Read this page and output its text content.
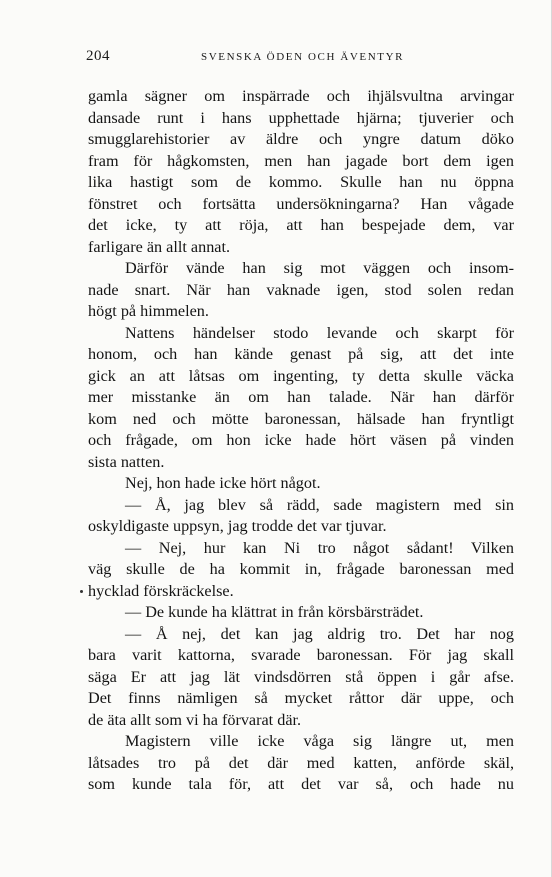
204	SVENSKA ÖDEN OCH ÄVENTYR
gamla sägner om inspärrade och ihjälsvultna arvingar
dansade runt i hans upphettade hjärna; tjuverier och
smugglarehistorier av äldre och yngre datum döko
fram för hågkomsten, men han jagade bort dem igen
lika hastigt som de kommo. Skulle han nu öppna
fönstret och fortsätta undersökningarna? Han vågade
det icke, ty att röja, att han bespejade dem, var
farligare än allt annat.
Därför vände han sig mot väggen och insom-
nade snart. När han vaknade igen, stod solen redan
högt på himmelen.
Nattens händelser stodo levande och skarpt för
honom, och han kände genast på sig, att det inte
gick an att låtsas om ingenting, ty detta skulle väcka
mer misstanke än om han talade. När han därför
kom ned och mötte baronessan, hälsade han fryntligt
och frågade, om hon icke hade hört väsen på vinden
sista natten.
Nej, hon hade icke hört något.
— Å, jag blev så rädd, sade magistern med sin
oskyldigaste uppsyn, jag trodde det var tjuvar.
— Nej, hur kan Ni tro något sådant! Vilken
väg skulle de ha kommit in, frågade baronessan med
hycklad förskräckelse.
— De kunde ha klättrat in från körsbärsträdet.
— Å nej, det kan jag aldrig tro. Det har nog
bara varit kattorna, svarade baronessan. För jag skall
säga Er att jag lät vindsdörren stå öppen i går afse.
Det finns nämligen så mycket råttor där uppe, och
de äta allt som vi ha förvarat där.
Magistern ville icke våga sig längre ut, men
låtsades tro på det där med katten, anförde skäl,
som kunde tala för, att det var så, och hade nu
